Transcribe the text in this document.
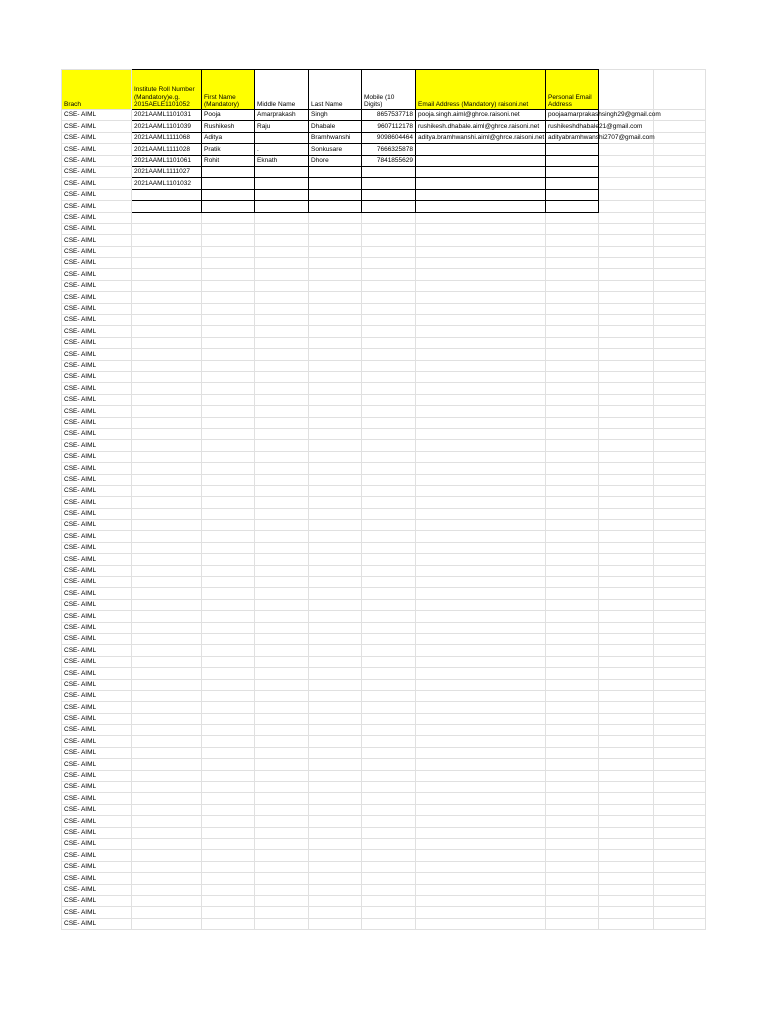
Brach	Institute Roll Number (Mandatory)e.g. 2015AELE1101052	First Name (Mandatory)	Middle Name	Last Name	Mobile (10 Digits)	Email Address (Mandatory) raisoni.net	Personal Email Address		
CSE- AIML	2021AAML1101031	Pooja	Amarprakash	Singh	8657537718	pooja.singh.aiml@ghrce.raisoni.net	poojaamarprakashsingh29@gmail.com		
CSE- AIML	2021AAML1101039	Rushikesh	Raju	Dhabale	9607112178	rushikesh.dhabale.aiml@ghrce.raisoni.net	rushikeshdhabale21@gmail.com		
CSE- AIML	2021AAML1111068	Aditya		Bramhwanshi	9098604464	aditya.bramhwanshi.aiml@ghrce.raisoni.net	adityabramhwanshi2707@gmail.com		
CSE- AIML	2021AAML1111028	Pratik	.	Sonkusare	7666325878				
CSE- AIML	2021AAML1101061	Rohit	Eknath	Dhore	7841855629				
CSE- AIML	2021AAML1111027								
CSE- AIML	2021AAML1101032								
CSE- AIML									
CSE- AIML									
CSE- AIML									
CSE- AIML									
CSE- AIML									
CSE- AIML									
CSE- AIML									
CSE- AIML									
CSE- AIML									
CSE- AIML									
CSE- AIML									
CSE- AIML									
CSE- AIML									
CSE- AIML									
CSE- AIML									
CSE- AIML									
CSE- AIML									
CSE- AIML									
CSE- AIML									
CSE- AIML									
CSE- AIML									
CSE- AIML									
CSE- AIML									
CSE- AIML									
CSE- AIML									
CSE- AIML									
CSE- AIML									
CSE- AIML									
CSE- AIML									
CSE- AIML									
CSE- AIML									
CSE- AIML									
CSE- AIML									
CSE- AIML									
CSE- AIML									
CSE- AIML									
CSE- AIML									
CSE- AIML									
CSE- AIML									
CSE- AIML									
CSE- AIML									
CSE- AIML									
CSE- AIML									
CSE- AIML									
CSE- AIML									
CSE- AIML									
CSE- AIML									
CSE- AIML									
CSE- AIML									
CSE- AIML									
CSE- AIML									
CSE- AIML									
CSE- AIML									
CSE- AIML									
CSE- AIML									
CSE- AIML									
CSE- AIML									
CSE- AIML									
CSE- AIML									
CSE- AIML									
CSE- AIML									
CSE- AIML									
CSE- AIML									
CSE- AIML									
CSE- AIML									
